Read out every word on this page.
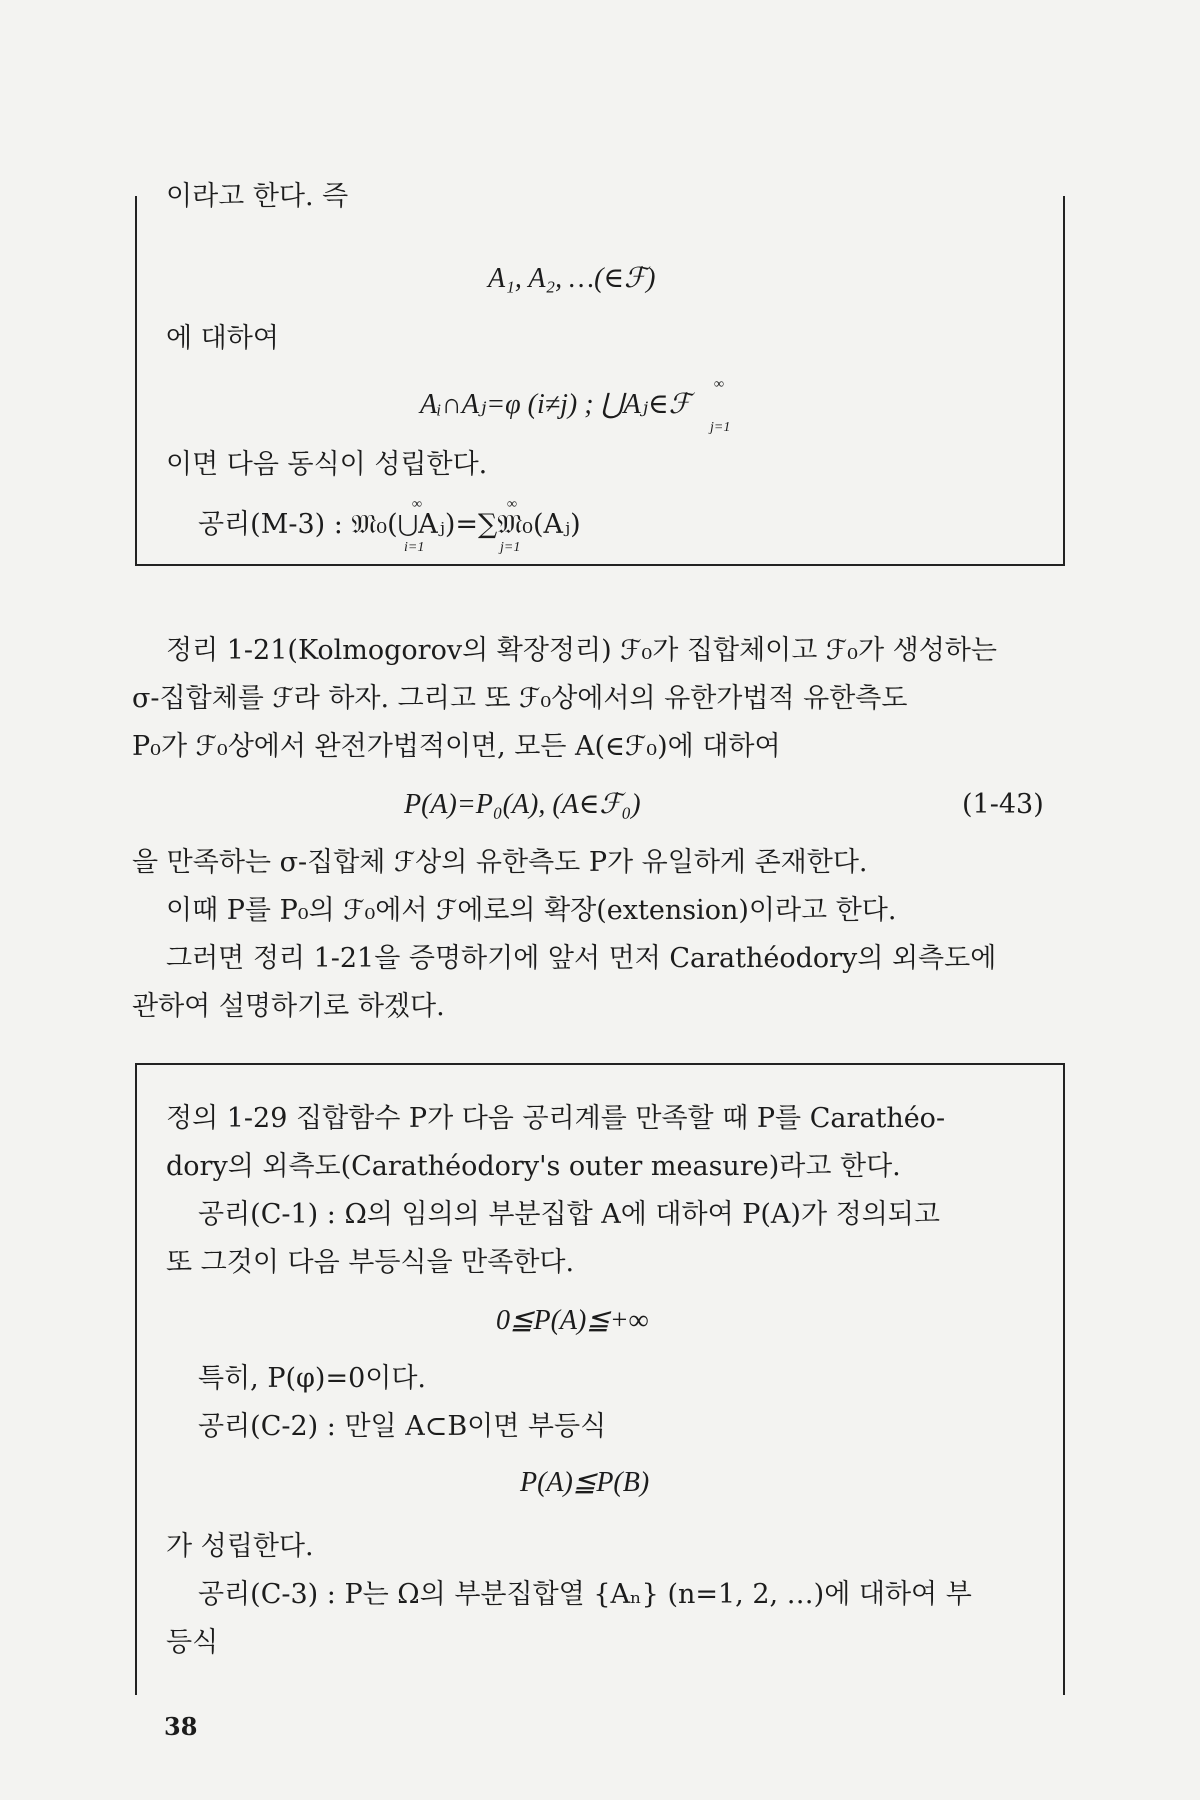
이라고 한다. 즉
A₁, A₂, …(∈ℱ)
에 대하여
Aᵢ∩Aⱼ=φ (i≠j) ; ⋃Aⱼ∈ℱ
∞
j=1
이면 다음 동식이 성립한다.
공리(M-3) : 𝔐₀(⋃Aⱼ)=∑𝔐₀(Aⱼ)
∞	∞
i=1	j=1
정리 1-21(Kolmogorov의 확장정리) ℱ₀가 집합체이고 ℱ₀가 생성하는
σ-집합체를 ℱ라 하자. 그리고 또 ℱ₀상에서의 유한가법적 유한측도
P₀가 ℱ₀상에서 완전가법적이면, 모든 A(∈ℱ₀)에 대하여
P(A)=P₀(A), (A∈ℱ₀)	(1-43)
을 만족하는 σ-집합체 ℱ상의 유한측도 P가 유일하게 존재한다.
이때 P를 P₀의 ℱ₀에서 ℱ에로의 확장(extension)이라고 한다.
그러면 정리 1-21을 증명하기에 앞서 먼저 Carathéodory의 외측도에
관하여 설명하기로 하겠다.
정의 1-29 집합함수 P가 다음 공리계를 만족할 때 P를 Carathéo-
dory의 외측도(Carathéodory's outer measure)라고 한다.
공리(C-1) : Ω의 임의의 부분집합 A에 대하여 P(A)가 정의되고
또 그것이 다음 부등식을 만족한다.
0≦P(A)≦+∞
특히, P(φ)=0이다.
공리(C-2) : 만일 A⊂B이면 부등식
P(A)≦P(B)
가 성립한다.
공리(C-3) : P는 Ω의 부분집합열 {Aₙ} (n=1, 2, …)에 대하여 부
등식
38
